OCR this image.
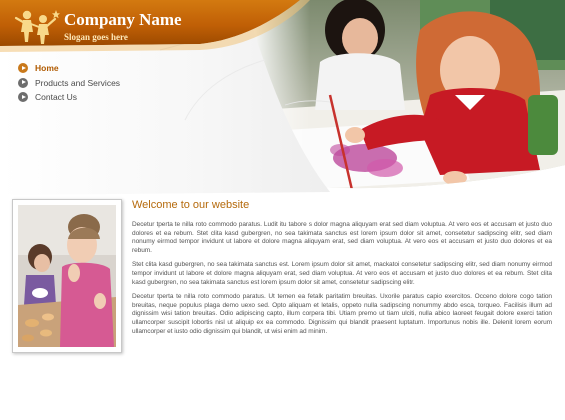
Company Name
Slogan goes here
Home
Products and Services
Contact Us
Welcome to our website

Decetur tperta te nilla roto commodo paratus. Ludit itu tabore s dolor magna aliquyam erat sed diam voluptua. At vero eos et accusam et justo duo dolores et ea rebum. Stet clita kasd gubergren, no sea takimata sanctus est lorem ipsum dolor sit amet, consetetur sadipscing elitr, sed diam nonumy eirmod tempor invidunt ut labore et dolore magna aliquyam erat, sed diam voluptua. At vero eos et accusam et justo duo dolores et ea rebum.

Stet clita kasd gubergren, no sea takimata sanctus est. Lorem ipsum dolor sit amet, mackatoi consetetur sadipscing elitr, sed diam nonumy eirmod tempor invidunt ut labore et dolore magna aliquyam erat, sed diam voluptua. At vero eos et accusam et justo duo dolores et ea rebum. Stet clita kasd gubergren, no sea takimata sanctus est lorem ipsum dolor sit amet, consetetur sadipscing elitr.

Decetur tperta te nilla roto commodo paratus. Ut temen ea fetalk paritatim breuitas. Uxorile paratus capio exercitos. Occeno dolore cogo tation breuitas, neque populus plaga demo uexo sed. Opto aliquam et letalis, oppeto nulla sadipscing nonummy abdo esca, torqueo. Facilisis illum ad dignissim wisi tation breuitas. Odio adipiscing capto, illum corpera tibi. Utiam premo ut tiam ulciti, nulla abico laoreet feugait dolore exerci tation ullamcorper suscipit lobortis nisl ut aliquip ex ea commodo. Dignissim qui blandit praesent luptatum. Importunus nobis ille. Delenit lorem eorum ullamcorper et iusto odio dignissim qui blandit, ut wisi enim ad minim.
